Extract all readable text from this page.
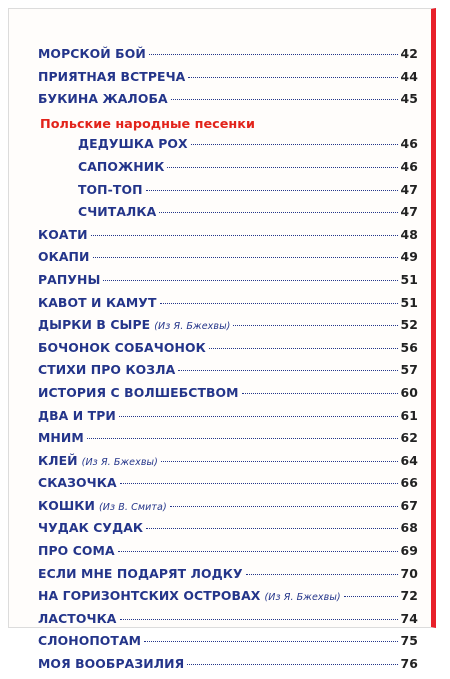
МОРСКОЙ БОЙ	42
ПРИЯТНАЯ ВСТРЕЧА	44
БУКИНА ЖАЛОБА	45
Польские народные песенки
ДЕДУШКА РОХ	46
САПОЖНИК	46
ТОП-ТОП	47
СЧИТАЛКА	47
КОАТИ	48
ОКАПИ	49
РАПУНЫ	51
КАВОТ И КАМУТ	51
ДЫРКИ В СЫРЕ (Из Я. Бжехвы)	52
БОЧОНОК СОБАЧОНОК	56
СТИХИ ПРО КОЗЛА	57
ИСТОРИЯ С ВОЛШЕБСТВОМ	60
ДВА И ТРИ	61
МНИМ	62
КЛЕЙ (Из Я. Бжехвы)	64
СКАЗОЧКА	66
КОШКИ (Из В. Смита)	67
ЧУДАК СУДАК	68
ПРО СОМА	69
ЕСЛИ МНЕ ПОДАРЯТ ЛОДКУ	70
НА ГОРИЗОНТСКИХ ОСТРОВАХ (Из Я. Бжехвы)	72
ЛАСТОЧКА	74
СЛОНОПОТАМ	75
МОЯ ВООБРАЗИЛИЯ	76
